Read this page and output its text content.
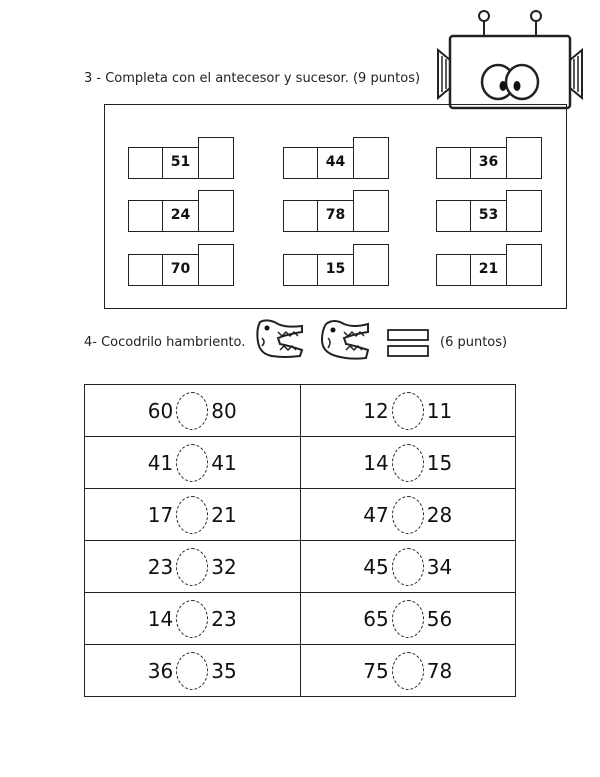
3 - Completa con el antecesor y sucesor. (9 puntos)
51	44	36
24	78	53
70	15	21
4- Cocodrilo hambriento.	(6 puntos)
60 80	12 11

41 41	14 15

17 21	47 28

23 32	45 34

14 23	65 56

36 35	75 78
